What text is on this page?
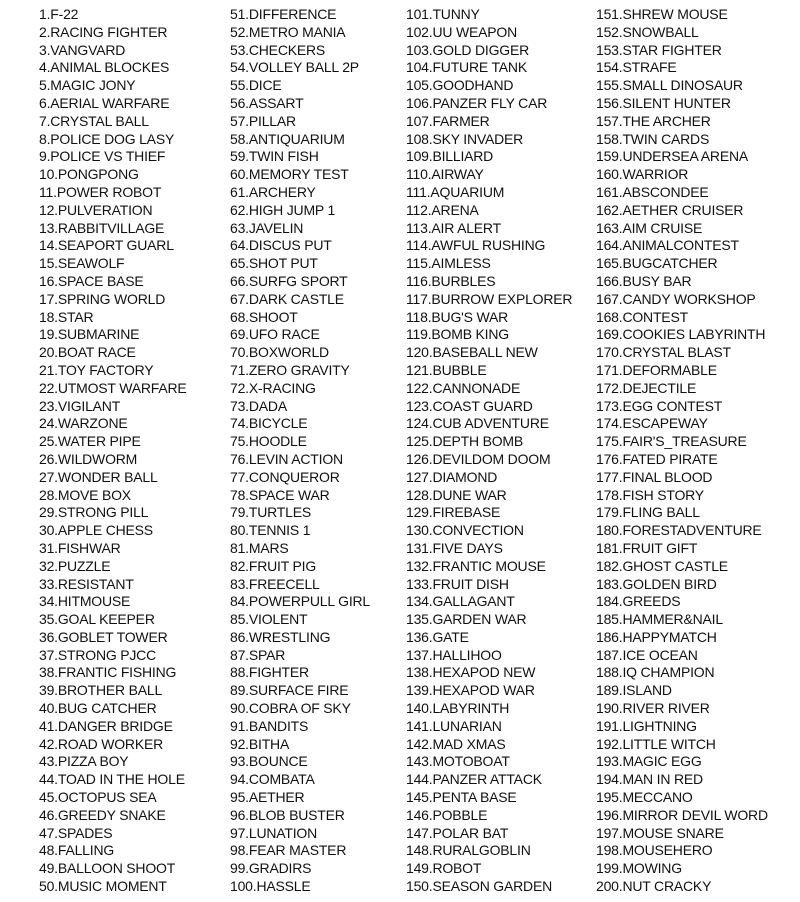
1.F-22
2.RACING FIGHTER
3.VANGVARD
4.ANIMAL BLOCKES
5.MAGIC JONY
6.AERIAL WARFARE
7.CRYSTAL BALL
8.POLICE DOG LASY
9.POLICE VS THIEF
10.PONGPONG
11.POWER ROBOT
12.PULVERATION
13.RABBITVILLAGE
14.SEAPORT GUARL
15.SEAWOLF
16.SPACE BASE
17.SPRING WORLD
18.STAR
19.SUBMARINE
20.BOAT RACE
21.TOY FACTORY
22.UTMOST WARFARE
23.VIGILANT
24.WARZONE
25.WATER PIPE
26.WILDWORM
27.WONDER BALL
28.MOVE BOX
29.STRONG PILL
30.APPLE CHESS
31.FISHWAR
32.PUZZLE
33.RESISTANT
34.HITMOUSE
35.GOAL KEEPER
36.GOBLET TOWER
37.STRONG PJCC
38.FRANTIC FISHING
39.BROTHER BALL
40.BUG CATCHER
41.DANGER BRIDGE
42.ROAD WORKER
43.PIZZA BOY
44.TOAD IN THE HOLE
45.OCTOPUS SEA
46.GREEDY SNAKE
47.SPADES
48.FALLING
49.BALLOON SHOOT
50.MUSIC MOMENT
51.DIFFERENCE
52.METRO MANIA
53.CHECKERS
54.VOLLEY BALL 2P
55.DICE
56.ASSART
57.PILLAR
58.ANTIQUARIUM
59.TWIN FISH
60.MEMORY TEST
61.ARCHERY
62.HIGH JUMP 1
63.JAVELIN
64.DISCUS PUT
65.SHOT PUT
66.SURFG SPORT
67.DARK CASTLE
68.SHOOT
69.UFO RACE
70.BOXWORLD
71.ZERO GRAVITY
72.X-RACING
73.DADA
74.BICYCLE
75.HOODLE
76.LEVIN ACTION
77.CONQUEROR
78.SPACE WAR
79.TURTLES
80.TENNIS 1
81.MARS
82.FRUIT PIG
83.FREECELL
84.POWERPULL GIRL
85.VIOLENT
86.WRESTLING
87.SPAR
88.FIGHTER
89.SURFACE FIRE
90.COBRA OF SKY
91.BANDITS
92.BITHA
93.BOUNCE
94.COMBATA
95.AETHER
96.BLOB BUSTER
97.LUNATION
98.FEAR MASTER
99.GRADIRS
100.HASSLE
101.TUNNY
102.UU WEAPON
103.GOLD DIGGER
104.FUTURE TANK
105.GOODHAND
106.PANZER FLY CAR
107.FARMER
108.SKY INVADER
109.BILLIARD
110.AIRWAY
111.AQUARIUM
112.ARENA
113.AIR ALERT
114.AWFUL RUSHING
115.AIMLESS
116.BURBLES
117.BURROW EXPLORER
118.BUG'S WAR
119.BOMB KING
120.BASEBALL NEW
121.BUBBLE
122.CANNONADE
123.COAST GUARD
124.CUB ADVENTURE
125.DEPTH BOMB
126.DEVILDOM DOOM
127.DIAMOND
128.DUNE WAR
129.FIREBASE
130.CONVECTION
131.FIVE DAYS
132.FRANTIC MOUSE
133.FRUIT DISH
134.GALLAGANT
135.GARDEN WAR
136.GATE
137.HALLIHOO
138.HEXAPOD NEW
139.HEXAPOD WAR
140.LABYRINTH
141.LUNARIAN
142.MAD XMAS
143.MOTOBOAT
144.PANZER ATTACK
145.PENTA BASE
146.POBBLE
147.POLAR BAT
148.RURALGOBLIN
149.ROBOT
150.SEASON GARDEN
151.SHREW MOUSE
152.SNOWBALL
153.STAR FIGHTER
154.STRAFE
155.SMALL DINOSAUR
156.SILENT HUNTER
157.THE ARCHER
158.TWIN CARDS
159.UNDERSEA ARENA
160.WARRIOR
161.ABSCONDEE
162.AETHER CRUISER
163.AIM CRUISE
164.ANIMALCONTEST
165.BUGCATCHER
166.BUSY BAR
167.CANDY WORKSHOP
168.CONTEST
169.COOKIES LABYRINTH
170.CRYSTAL BLAST
171.DEFORMABLE
172.DEJECTILE
173.EGG CONTEST
174.ESCAPEWAY
175.FAIR'S_TREASURE
176.FATED PIRATE
177.FINAL BLOOD
178.FISH STORY
179.FLING BALL
180.FORESTADVENTURE
181.FRUIT GIFT
182.GHOST CASTLE
183.GOLDEN BIRD
184.GREEDS
185.HAMMER&NAIL
186.HAPPYMATCH
187.ICE OCEAN
188.IQ CHAMPION
189.ISLAND
190.RIVER RIVER
191.LIGHTNING
192.LITTLE WITCH
193.MAGIC EGG
194.MAN IN RED
195.MECCANO
196.MIRROR DEVIL WORD
197.MOUSE SNARE
198.MOUSEHERO
199.MOWING
200.NUT CRACKY
